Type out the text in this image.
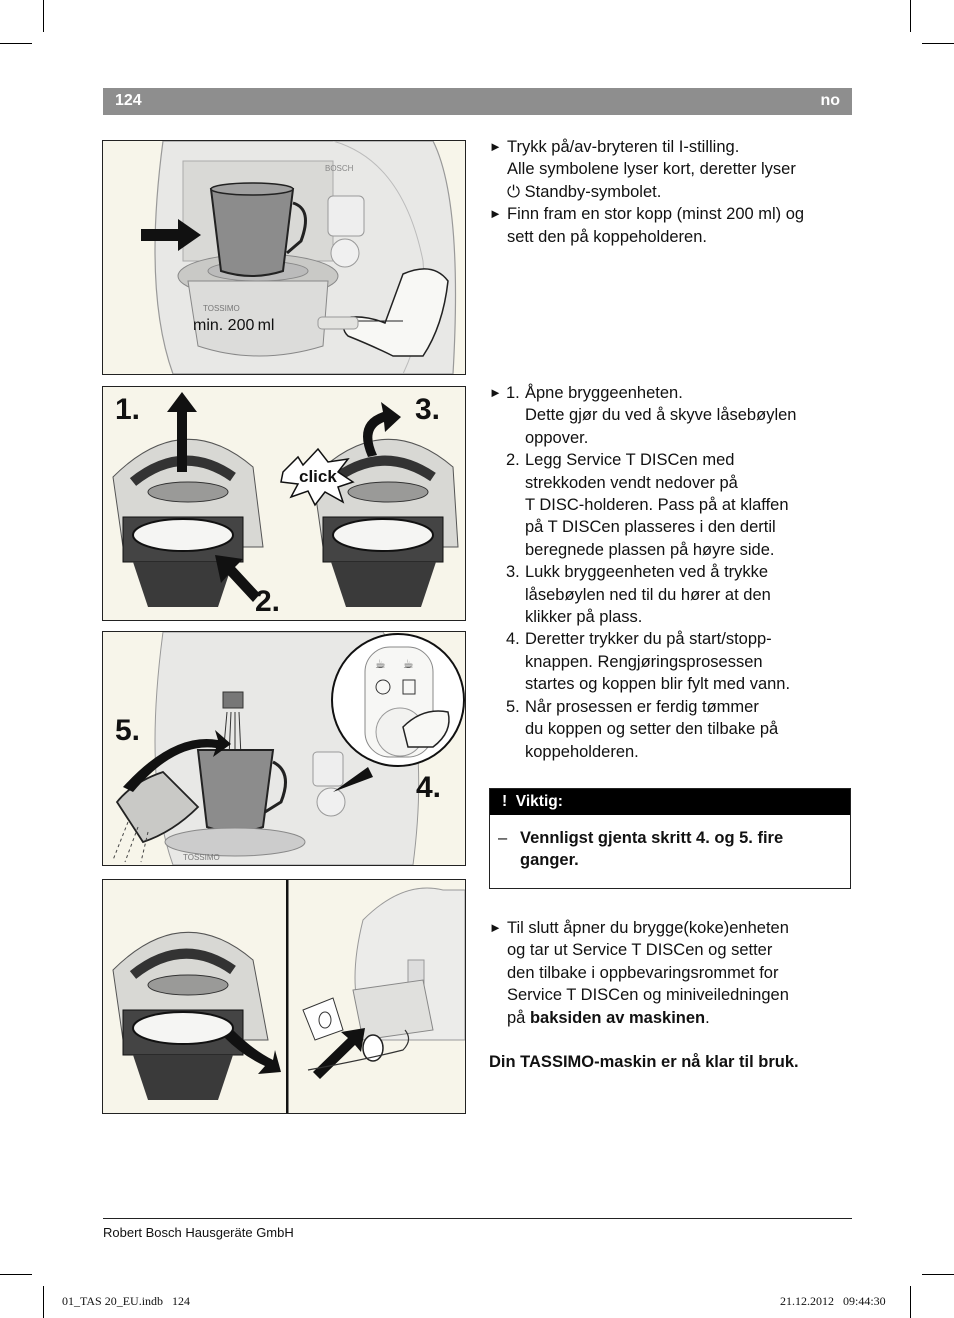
124	no
TOSSIMO
BOSCH
min. 200 ml
1.
2.
3.
click
TOSSIMO
☕ ☕
5.
4.
► Trykk på/av-bryteren til I-stilling.
Alle symbolene lyser kort, deretter lyser
⏻ Standby-symbolet.
► Finn fram en stor kopp (minst 200 ml) og
sett den på koppeholderen.
► 1. Åpne bryggeenheten.
Dette gjør du ved å skyve låsebøylen
oppover.
2. Legg Service T DISCen med
strekkoden vendt nedover på
T DISC-holderen. Pass på at klaffen
på T DISCen plasseres i den dertil
beregnede plassen på høyre side.
3. Lukk bryggeenheten ved å trykke
låsebøylen ned til du hører at den
klikker på plass.
4. Deretter trykker du på start/stopp-
knappen. Rengjøringsprosessen
startes og koppen blir fylt med vann.
5. Når prosessen er ferdig tømmer
du koppen og setter den tilbake på
koppeholderen.
! Viktig:
– Vennligst gjenta skritt 4. og 5. fire
ganger.
► Til slutt åpner du brygge(koke)enheten
og tar ut Service T DISCen og setter
den tilbake i oppbevaringsrommet for
Service T DISCen og miniveiledningen
på baksiden av maskinen.
Din TASSIMO-maskin er nå klar til bruk.
Robert Bosch Hausgeräte GmbH
01_TAS 20_EU.indb   124	21.12.2012   09:44:30
